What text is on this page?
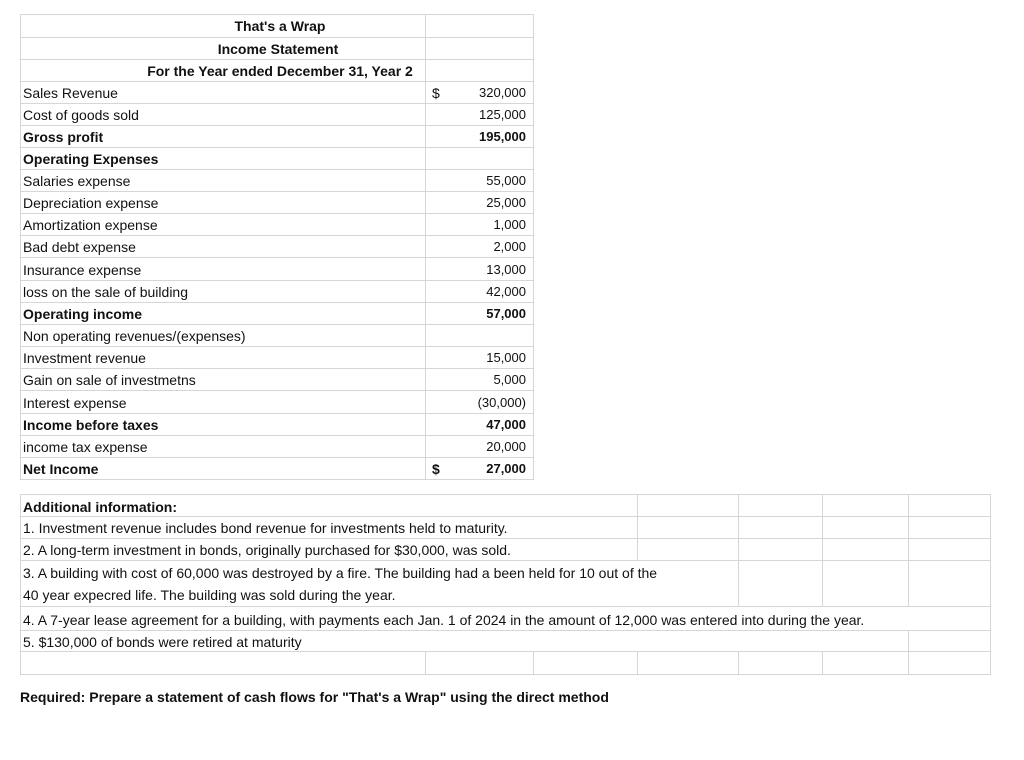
That's a Wrap
Income Statement
For the Year ended December 31, Year 2
Sales Revenue
Cost of goods sold
Gross profit
Operating Expenses
Salaries expense
Depreciation expense
Amortization expense
Bad debt expense
Insurance expense
loss on the sale of building
Operating income
Non operating revenues/(expenses)
Investment revenue
Gain on sale of investmetns
Interest expense
Income before taxes
income tax expense
Net Income
$
$
320,000
125,000
195,000
55,000
25,000
1,000
2,000
13,000
42,000
57,000
15,000
5,000
(30,000)
47,000
20,000
27,000
Additional information:
1. Investment revenue includes bond revenue for investments held to maturity.
2. A long-term investment in bonds, originally purchased for $30,000, was sold.
3. A building with cost of 60,000 was destroyed by a fire. The building had a been held for 10 out of the
40 year expecred life. The building was sold during the year.
4. A 7-year lease agreement for a building, with payments each Jan. 1 of 2024 in the amount of 12,000 was entered into during the year.
5. $130,000 of bonds were retired at maturity
Required: Prepare a statement of cash flows for "That's a Wrap" using the direct method
